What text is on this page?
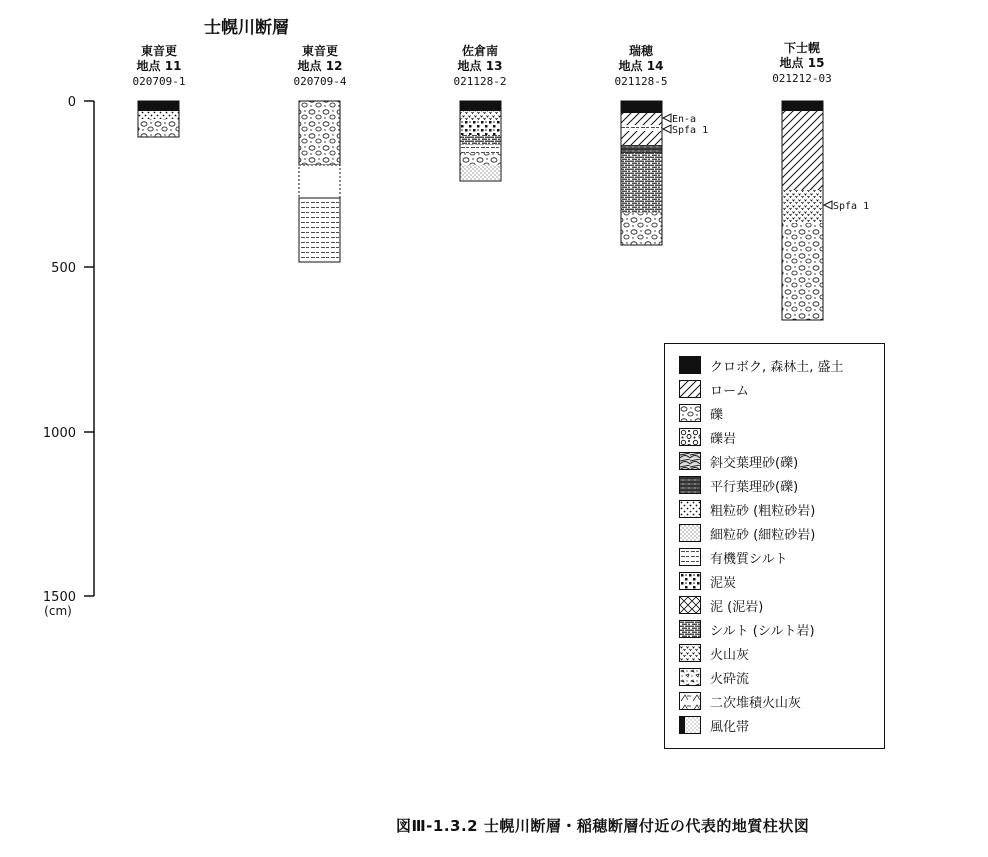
0
500
1000
1500
(cm)
東音更
地点 11
020709-1
東音更
地点 12
020709-4
佐倉南
地点 13
021128-2
瑞穂
地点 14
021128-5
En-a
Spfa 1
下士幌
地点 15
021212-03
Spfa 1
士幌川断層
クロボク, 森林土, 盛土
ローム
礫
礫岩
斜交葉理砂(礫)
平行葉理砂(礫)
粗粒砂 (粗粒砂岩)
細粒砂 (細粒砂岩)
有機質シルト
泥炭
泥 (泥岩)
シルト (シルト岩)
火山灰
火砕流
二次堆積火山灰
風化帯
図Ⅲ-1.3.2 士幌川断層・稲穂断層付近の代表的地質柱状図
